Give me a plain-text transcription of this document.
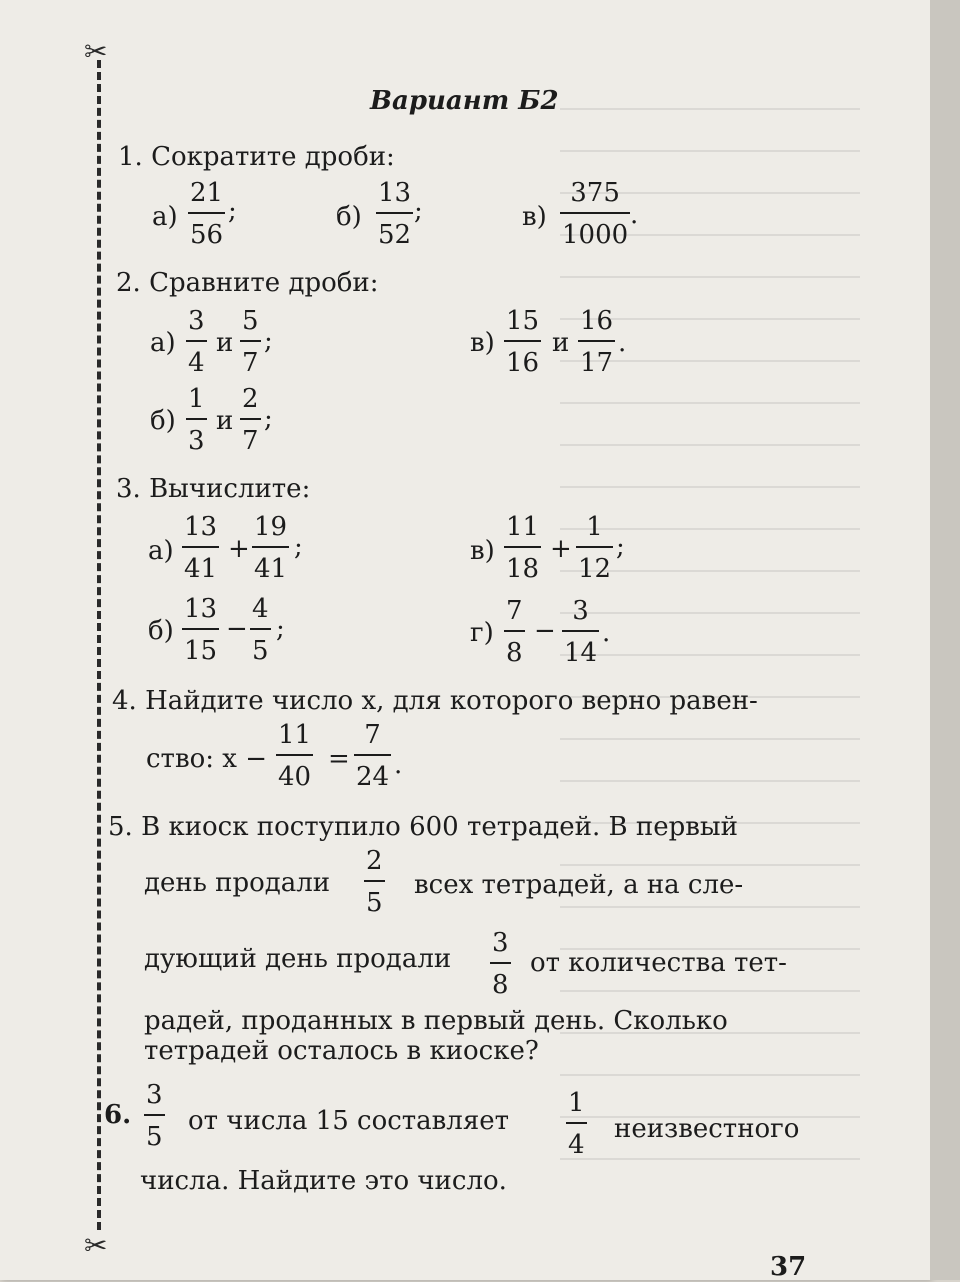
✂
✂
Вариант Б2
1. Сократите дроби:
а)
21
56
;	б)
13
52
;	в)
375
1000
.
2. Сравните дроби:
а)
3
4
и
5
7
;	в)
15
16
и
16
17
.
б)
1
3
и
2
7
;
3. Вычислите:
а)
13
41
+
19
41
;	в)
11
18
+
1
12
;
б)
13
15
−
4
5
;	г)
7
8
−
3
14
.
4. Найдите число x, для которого верно равен-
ство: x −
11
40
=
7
24 .
5. В киоск поступило 600 тетрадей. В первый
день продали
2
5
всех тетрадей, а на сле-
дующий день продали
3
8
от количества тет-
радей, проданных в первый день. Сколько
тетрадей осталось в киоске?
6.
3
5
от числа 15 составляет
1
4
неизвестного
числа. Найдите это число.
37
